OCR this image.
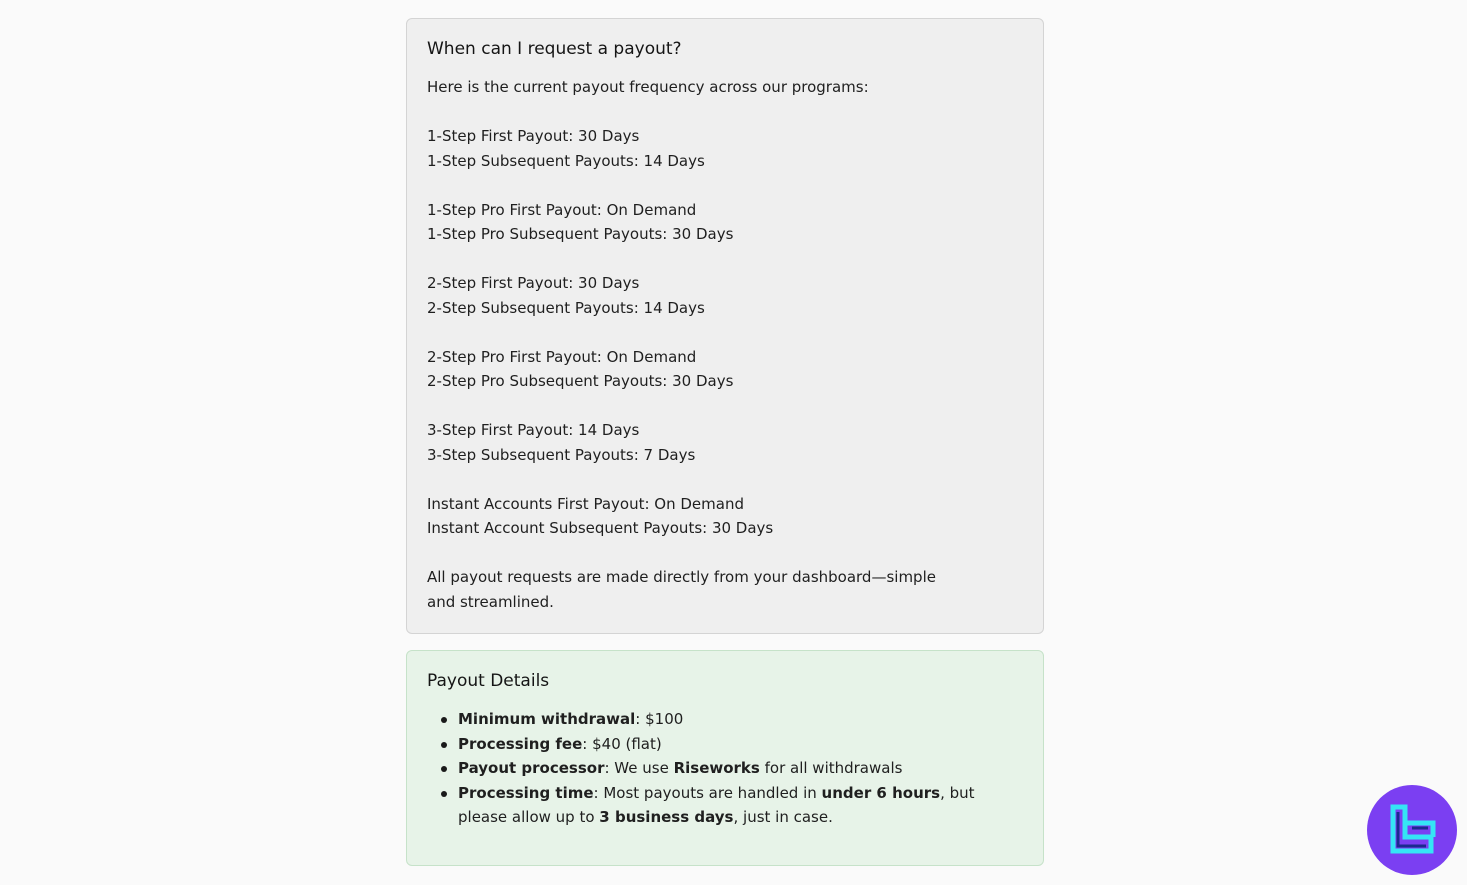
When can I request a payout?

Here is the current payout frequency across our programs:

1-Step First Payout: 30 Days

1-Step Subsequent Payouts: 14 Days

1-Step Pro First Payout: On Demand

1-Step Pro Subsequent Payouts: 30 Days

2-Step First Payout: 30 Days

2-Step Subsequent Payouts: 14 Days

2-Step Pro First Payout: On Demand

2-Step Pro Subsequent Payouts: 30 Days

3-Step First Payout: 14 Days

3-Step Subsequent Payouts: 7 Days

Instant Accounts First Payout: On Demand

Instant Account Subsequent Payouts: 30 Days

All payout requests are made directly from your dashboard—simple and streamlined.

Payout Details
Minimum withdrawal: $100
Processing fee: $40 (flat)
Payout processor: We use Riseworks for all withdrawals
Processing time: Most payouts are handled in under 6 hours, but please allow up to 3 business days, just in case.
